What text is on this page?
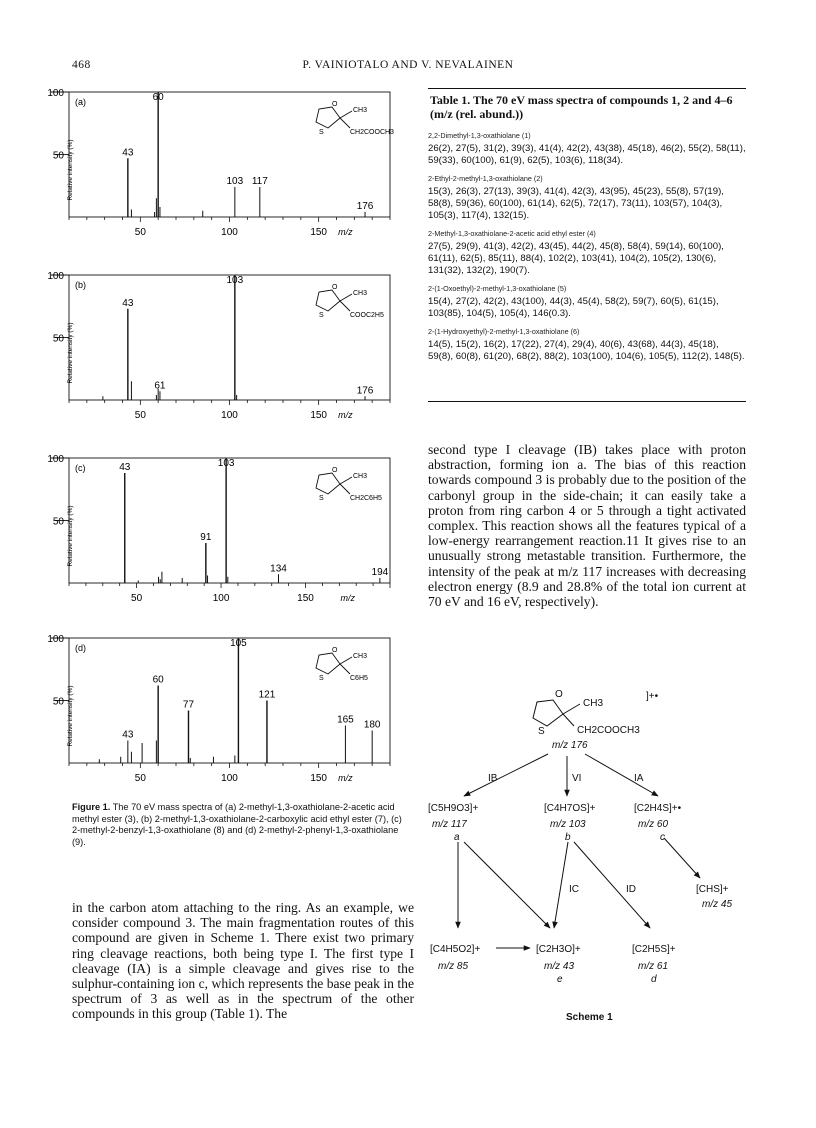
468	P. VAINIOTALO AND V. NEVALAINEN
100
50 Relative intensity (%)
50	100	150 m/z
(a)
43
60
103 117
176
O
CH3
S	CH2COOCH3
100
50 Relative intensity (%)
50	100	150 m/z
(b)
43
61
103
176
O
CH3
S	COOC2H5
100
50 Relative intensity (%)
50	100	150	m/z
(c)	43
91
103
134	194
O
CH3
S	CH2C6H5
100
50 Relative intensity (%)
50	100	150 m/z
(d)
43
60
77
105
121
165 180
O
CH3
S	C6H5
Figure 1. The 70 eV mass spectra of (a) 2-methyl-1,3-oxathiolane-2-acetic acid methyl ester (3), (b) 2-methyl-1,3-oxathiolane-2-carboxylic acid ethyl ester (7), (c) 2-methyl-2-benzyl-1,3-oxathiolane (8) and (d) 2-methyl-2-phenyl-1,3-oxathiolane (9).
in the carbon atom attaching to the ring. As an example, we consider compound 3. The main fragmentation routes of this compound are given in Scheme 1. There exist two primary ring cleavage reactions, both being type I. The first type I cleavage (IA) is a simple cleavage and gives rise to the sulphur-containing ion c, which represents the base peak in the spectrum of 3 as well as in the spectrum of the other compounds in this group (Table 1). The
Table 1. The 70 eV mass spectra of compounds 1, 2 and 4–6 (m/z (rel. abund.))
2,2-Dimethyl-1,3-oxathiolane (1)

26(2), 27(5), 31(2), 39(3), 41(4), 42(2), 43(38), 45(18), 46(2), 55(2), 58(11), 59(33), 60(100), 61(9), 62(5), 103(6), 118(34).

2-Ethyl-2-methyl-1,3-oxathiolane (2)

15(3), 26(3), 27(13), 39(3), 41(4), 42(3), 43(95), 45(23), 55(8), 57(19), 58(8), 59(36), 60(100), 61(14), 62(5), 72(17), 73(11), 103(57), 104(3), 105(3), 117(4), 132(15).

2-Methyl-1,3-oxathiolane-2-acetic acid ethyl ester (4)

27(5), 29(9), 41(3), 42(2), 43(45), 44(2), 45(8), 58(4), 59(14), 60(100), 61(11), 62(5), 85(11), 88(4), 102(2), 103(41), 104(2), 105(2), 130(6), 131(32), 132(2), 190(7).

2-(1-Oxoethyl)-2-methyl-1,3-oxathiolane (5)

15(4), 27(2), 42(2), 43(100), 44(3), 45(4), 58(2), 59(7), 60(5), 61(15), 103(85), 104(5), 105(4), 146(0.3).

2-(1-Hydroxyethyl)-2-methyl-1,3-oxathiolane (6)

14(5), 15(2), 16(2), 17(22), 27(4), 29(4), 40(6), 43(68), 44(3), 45(18), 59(8), 60(8), 61(20), 68(2), 88(2), 103(100), 104(6), 105(5), 112(2), 148(5).

second type I cleavage (IB) takes place with proton abstraction, forming ion a. The bias of this reaction towards compound 3 is probably due to the position of the carbonyl group in the side-chain; it can easily take a proton from ring carbon 4 or 5 through a tight activated complex. This reaction shows all the features typical of a low-energy rearrangement reaction.11 It gives rise to an unusually strong metastable transition. Furthermore, the intensity of the peak at m/z 117 increases with decreasing electron energy (8.9 and 28.8% of the total ion current at 70 eV and 16 eV, respectively).
O
CH3
S	CH2COOCH3
]+•
m/z 176
IB	VI	IA
IC	ID
[C5H9O3]+
m/z 117
a
[C4H7OS]+
m/z 103
b
[C2H4S]+•
m/z 60
c
[CHS]+
m/z 45
[C4H5O2]+
m/z 85
[C2H3O]+
m/z 43
e
[C2H5S]+
m/z 61
d
Scheme 1
